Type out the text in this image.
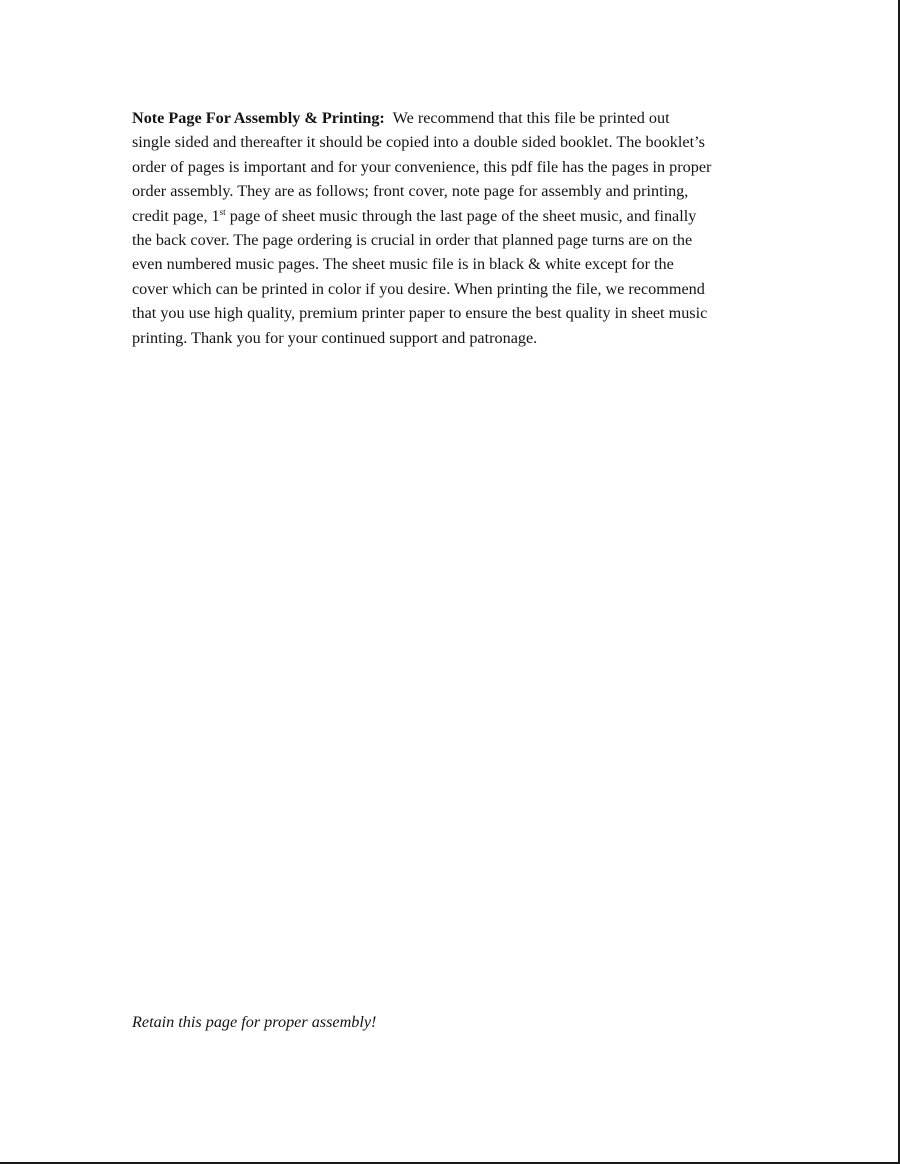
Note Page For Assembly & Printing: We recommend that this file be printed out
single sided and thereafter it should be copied into a double sided booklet. The booklet’s
order of pages is important and for your convenience, this pdf file has the pages in proper
order assembly. They are as follows; front cover, note page for assembly and printing,
credit page, 1st page of sheet music through the last page of the sheet music, and finally
the back cover. The page ordering is crucial in order that planned page turns are on the
even numbered music pages. The sheet music file is in black & white except for the
cover which can be printed in color if you desire. When printing the file, we recommend
that you use high quality, premium printer paper to ensure the best quality in sheet music
printing. Thank you for your continued support and patronage.
Retain this page for proper assembly!
